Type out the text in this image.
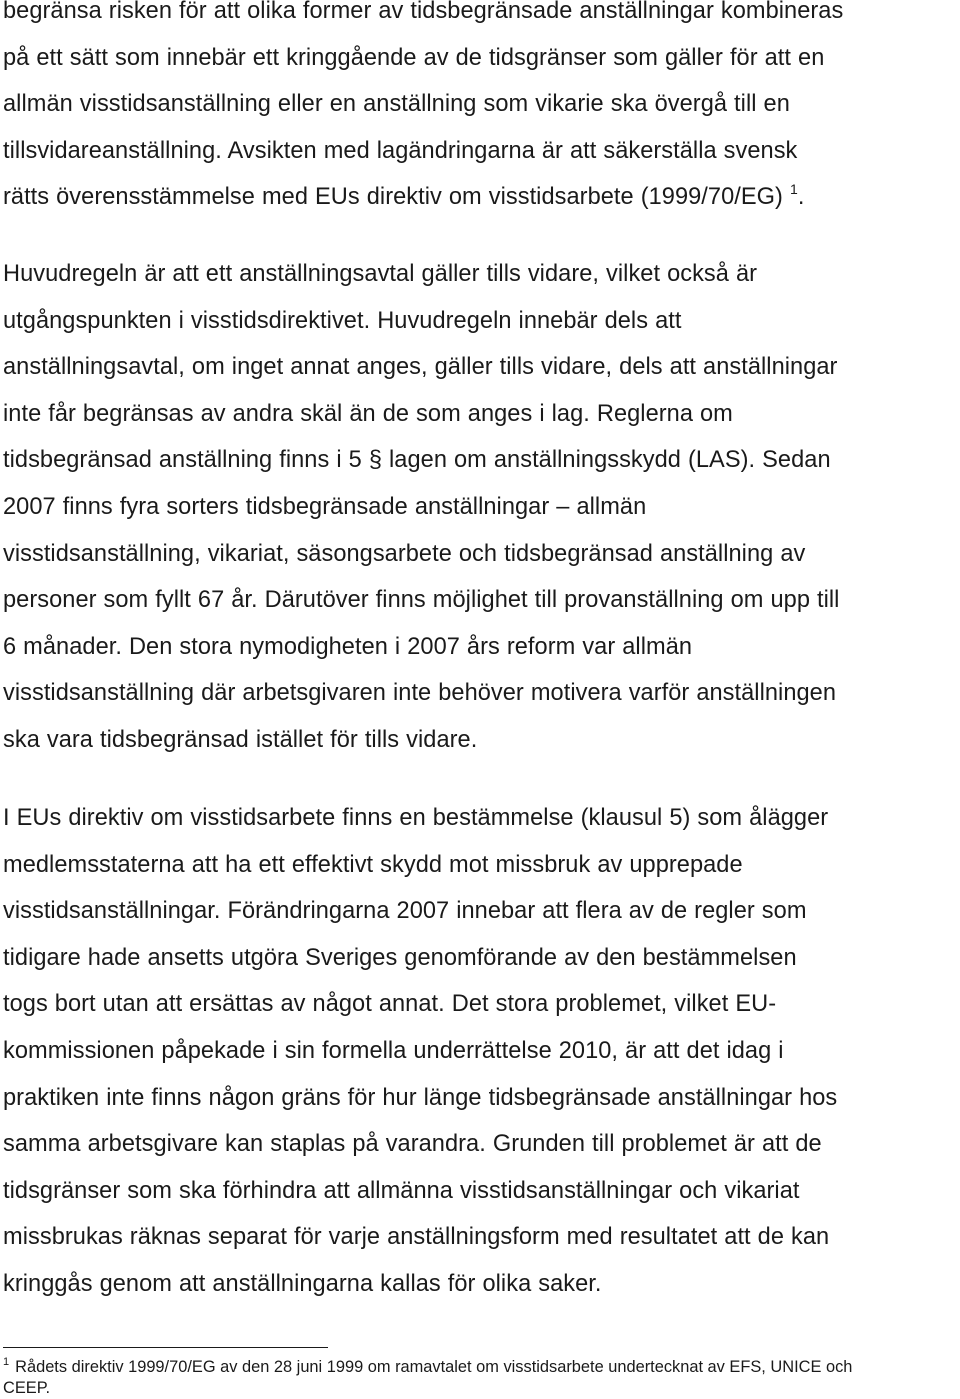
begränsa risken för att olika former av tidsbegränsade anställningar kombineras
på ett sätt som innebär ett kringgående av de tidsgränser som gäller för att en
allmän visstidsanställning eller en anställning som vikarie ska övergå till en
tillsvidareanställning. Avsikten med lagändringarna är att säkerställa svensk
rätts överensstämmelse med EUs direktiv om visstidsarbete (1999/70/EG) $^1$.
Huvudregeln är att ett anställningsavtal gäller tills vidare, vilket också är
utgångspunkten i visstidsdirektivet. Huvudregeln innebär dels att
anställningsavtal, om inget annat anges, gäller tills vidare, dels att anställningar
inte får begränsas av andra skäl än de som anges i lag. Reglerna om
tidsbegränsad anställning finns i 5 § lagen om anställningsskydd (LAS). Sedan
2007 finns fyra sorters tidsbegränsade anställningar – allmän
visstidsanställning, vikariat, säsongsarbete och tidsbegränsad anställning av
personer som fyllt 67 år. Därutöver finns möjlighet till provanställning om upp till
6 månader. Den stora nymodigheten i 2007 års reform var allmän
visstidsanställning där arbetsgivaren inte behöver motivera varför anställningen
ska vara tidsbegränsad istället för tills vidare.
I EUs direktiv om visstidsarbete finns en bestämmelse (klausul 5) som ålägger
medlemsstaterna att ha ett effektivt skydd mot missbruk av upprepade
visstidsanställningar. Förändringarna 2007 innebar att flera av de regler som
tidigare hade ansetts utgöra Sveriges genomförande av den bestämmelsen
togs bort utan att ersättas av något annat. Det stora problemet, vilket EU-
kommissionen påpekade i sin formella underrättelse 2010, är att det idag i
praktiken inte finns någon gräns för hur länge tidsbegränsade anställningar hos
samma arbetsgivare kan staplas på varandra. Grunden till problemet är att de
tidsgränser som ska förhindra att allmänna visstidsanställningar och vikariat
missbrukas räknas separat för varje anställningsform med resultatet att de kan
kringgås genom att anställningarna kallas för olika saker.
$^1$ Rådets direktiv 1999/70/EG av den 28 juni 1999 om ramavtalet om visstidsarbete undertecknat av EFS, UNICE och
CEEP.
